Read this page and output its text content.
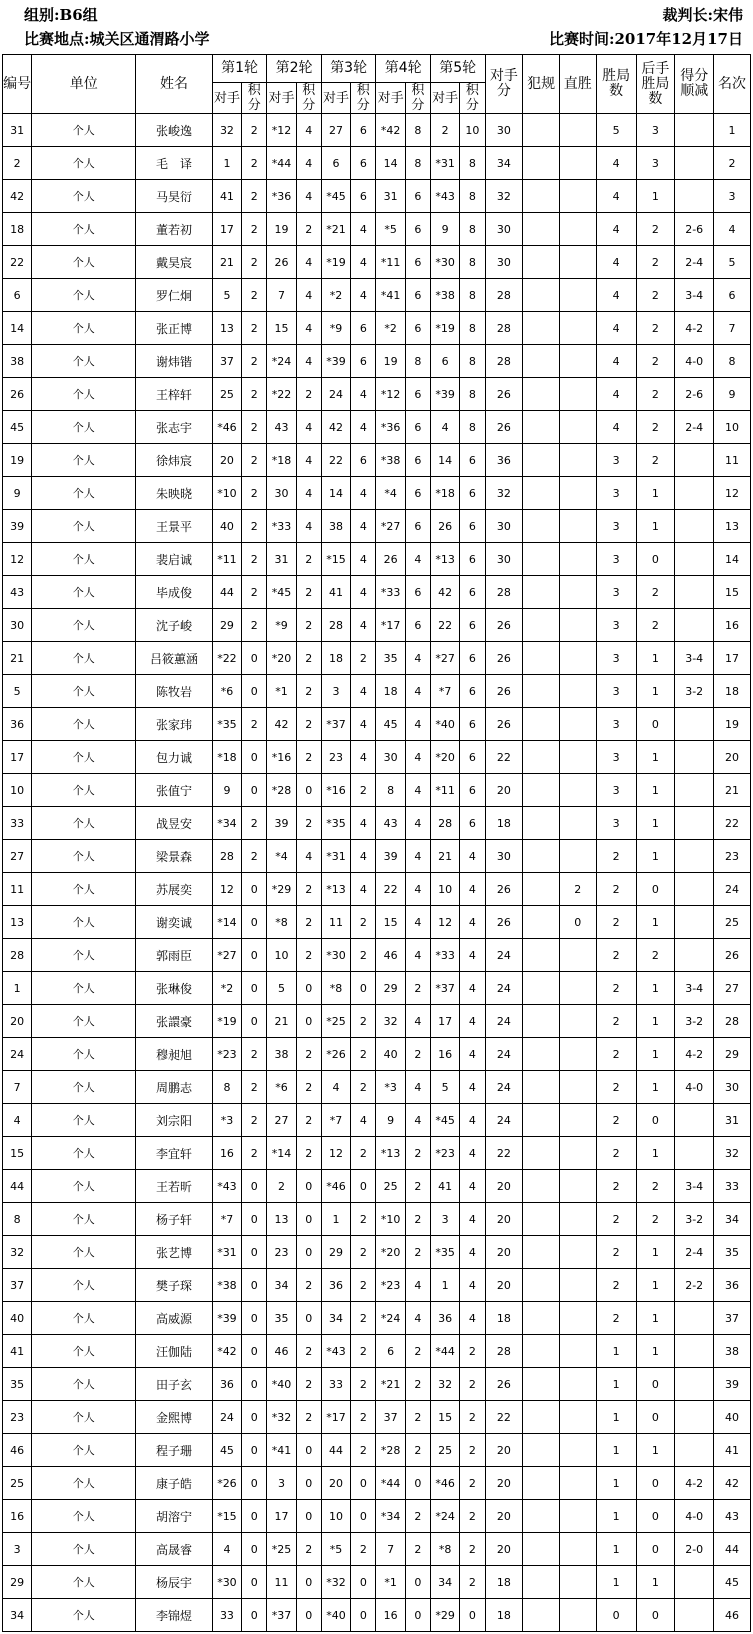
组别:B6组	裁判长:宋伟
比赛地点:城关区通渭路小学	比赛时间:2017年12月17日
编号	单位	姓名	第1轮		第2轮		第3轮		第4轮		第5轮		对手分	犯规	直胜	胜局数	后手胜局数	得分顺减	名次
			对手	积分	对手	积分	对手	积分	对手	积分	对手	积分							
31	个人	张峻逸	32	2	*12	4	27	6	*42	8	2	10	30			5	3		1
2	个人	毛　译	1	2	*44	4	6	6	14	8	*31	8	34			4	3		2
42	个人	马昊衍	41	2	*36	4	*45	6	31	6	*43	8	32			4	1		3
18	个人	董若初	17	2	19	2	*21	4	*5	6	9	8	30			4	2	2-6	4
22	个人	戴昊宸	21	2	26	4	*19	4	*11	6	*30	8	30			4	2	2-4	5
6	个人	罗仁炯	5	2	7	4	*2	4	*41	6	*38	8	28			4	2	3-4	6
14	个人	张正博	13	2	15	4	*9	6	*2	6	*19	8	28			4	2	4-2	7
38	个人	谢炜锴	37	2	*24	4	*39	6	19	8	6	8	28			4	2	4-0	8
26	个人	王梓轩	25	2	*22	2	24	4	*12	6	*39	8	26			4	2	2-6	9
45	个人	张志宇	*46	2	43	4	42	4	*36	6	4	8	26			4	2	2-4	10
19	个人	徐炜宸	20	2	*18	4	22	6	*38	6	14	6	36			3	2		11
9	个人	朱映晓	*10	2	30	4	14	4	*4	6	*18	6	32			3	1		12
39	个人	王景平	40	2	*33	4	38	4	*27	6	26	6	30			3	1		13
12	个人	裴启诚	*11	2	31	2	*15	4	26	4	*13	6	30			3	0		14
43	个人	毕成俊	44	2	*45	2	41	4	*33	6	42	6	28			3	2		15
30	个人	沈子峻	29	2	*9	2	28	4	*17	6	22	6	26			3	2		16
21	个人	吕筱蕙涵	*22	0	*20	2	18	2	35	4	*27	6	26			3	1	3-4	17
5	个人	陈牧岩	*6	0	*1	2	3	4	18	4	*7	6	26			3	1	3-2	18
36	个人	张家玮	*35	2	42	2	*37	4	45	4	*40	6	26			3	0		19
17	个人	包力诚	*18	0	*16	2	23	4	30	4	*20	6	22			3	1		20
10	个人	张值宁	9	0	*28	0	*16	2	8	4	*11	6	20			3	1		21
33	个人	战昱安	*34	2	39	2	*35	4	43	4	28	6	18			3	1		22
27	个人	梁景森	28	2	*4	4	*31	4	39	4	21	4	30			2	1		23
11	个人	苏展奕	12	0	*29	2	*13	4	22	4	10	4	26		2	2	0		24
13	个人	谢奕诚	*14	0	*8	2	11	2	15	4	12	4	26		0	2	1		25
28	个人	郭雨臣	*27	0	10	2	*30	2	46	4	*33	4	24			2	2		26
1	个人	张琳俊	*2	0	5	0	*8	0	29	2	*37	4	24			2	1	3-4	27
20	个人	张譞豪	*19	0	21	0	*25	2	32	4	17	4	24			2	1	3-2	28
24	个人	穆昶旭	*23	2	38	2	*26	2	40	2	16	4	24			2	1	4-2	29
7	个人	周鹏志	8	2	*6	2	4	2	*3	4	5	4	24			2	1	4-0	30
4	个人	刘宗阳	*3	2	27	2	*7	4	9	4	*45	4	24			2	0		31
15	个人	李宜轩	16	2	*14	2	12	2	*13	2	*23	4	22			2	1		32
44	个人	王若昕	*43	0	2	0	*46	0	25	2	41	4	20			2	2	3-4	33
8	个人	杨子轩	*7	0	13	0	1	2	*10	2	3	4	20			2	2	3-2	34
32	个人	张艺博	*31	0	23	0	29	2	*20	2	*35	4	20			2	1	2-4	35
37	个人	樊子琛	*38	0	34	2	36	2	*23	4	1	4	20			2	1	2-2	36
40	个人	高威源	*39	0	35	0	34	2	*24	4	36	4	18			2	1		37
41	个人	汪伽陆	*42	0	46	2	*43	2	6	2	*44	2	28			1	1		38
35	个人	田子玄	36	0	*40	2	33	2	*21	2	32	2	26			1	0		39
23	个人	金熙博	24	0	*32	2	*17	2	37	2	15	2	22			1	0		40
46	个人	程子珊	45	0	*41	0	44	2	*28	2	25	2	20			1	1		41
25	个人	康子皓	*26	0	3	0	20	0	*44	0	*46	2	20			1	0	4-2	42
16	个人	胡溶宁	*15	0	17	0	10	0	*34	2	*24	2	20			1	0	4-0	43
3	个人	高晟睿	4	0	*25	2	*5	2	7	2	*8	2	20			1	0	2-0	44
29	个人	杨辰宇	*30	0	11	0	*32	0	*1	0	34	2	18			1	1		45
34	个人	李锦煜	33	0	*37	0	*40	0	16	0	*29	0	18			0	0		46
